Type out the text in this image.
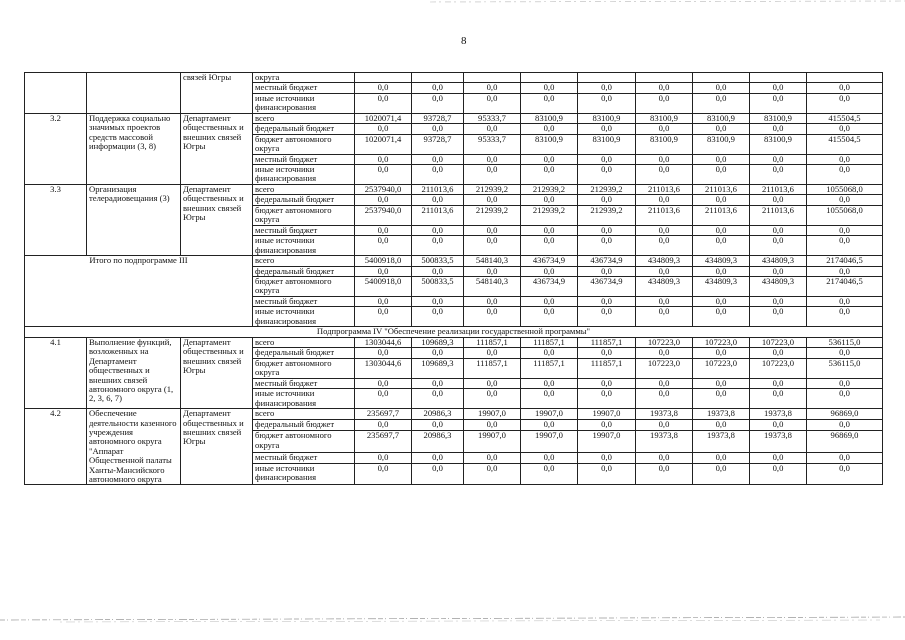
8
		связей Югры	округа									
			местный бюджет	0,0	0,0	0,0	0,0	0,0	0,0	0,0	0,0	0,0
			иные источники финансирования	0,0	0,0	0,0	0,0	0,0	0,0	0,0	0,0	0,0
3.2	Поддержка социально значимых проектов средств массовой информации (3, 8)	Департамент общественных и внешних связей Югры	всего	1020071,4	93728,7	95333,7	83100,9	83100,9	83100,9	83100,9	83100,9	415504,5
			федеральный бюджет	0,0	0,0	0,0	0,0	0,0	0,0	0,0	0,0	0,0
			бюджет автономного округа	1020071,4	93728,7	95333,7	83100,9	83100,9	83100,9	83100,9	83100,9	415504,5
			местный бюджет	0,0	0,0	0,0	0,0	0,0	0,0	0,0	0,0	0,0
			иные источники финансирования	0,0	0,0	0,0	0,0	0,0	0,0	0,0	0,0	0,0
3.3	Организация телерадиовещания (3)	Департамент общественных и внешних связей Югры	всего	2537940,0	211013,6	212939,2	212939,2	212939,2	211013,6	211013,6	211013,6	1055068,0
			федеральный бюджет	0,0	0,0	0,0	0,0	0,0	0,0	0,0	0,0	0,0
			бюджет автономного округа	2537940,0	211013,6	212939,2	212939,2	212939,2	211013,6	211013,6	211013,6	1055068,0
			местный бюджет	0,0	0,0	0,0	0,0	0,0	0,0	0,0	0,0	0,0
			иные источники финансирования	0,0	0,0	0,0	0,0	0,0	0,0	0,0	0,0	0,0
Итого по подпрограмме III			всего	5400918,0	500833,5	548140,3	436734,9	436734,9	434809,3	434809,3	434809,3	2174046,5
			федеральный бюджет	0,0	0,0	0,0	0,0	0,0	0,0	0,0	0,0	0,0
			бюджет автономного округа	5400918,0	500833,5	548140,3	436734,9	436734,9	434809,3	434809,3	434809,3	2174046,5
			местный бюджет	0,0	0,0	0,0	0,0	0,0	0,0	0,0	0,0	0,0
			иные источники финансирования	0,0	0,0	0,0	0,0	0,0	0,0	0,0	0,0	0,0
Подпрограмма IV "Обеспечение реализации государственной программы"												
4.1	Выполнение функций, возложенных на Департамент общественных и внешних связей автономного округа (1, 2, 3, 6, 7)	Департамент общественных и внешних связей Югры	всего	1303044,6	109689,3	111857,1	111857,1	111857,1	107223,0	107223,0	107223,0	536115,0
			федеральный бюджет	0,0	0,0	0,0	0,0	0,0	0,0	0,0	0,0	0,0
			бюджет автономного округа	1303044,6	109689,3	111857,1	111857,1	111857,1	107223,0	107223,0	107223,0	536115,0
			местный бюджет	0,0	0,0	0,0	0,0	0,0	0,0	0,0	0,0	0,0
			иные источники финансирования	0,0	0,0	0,0	0,0	0,0	0,0	0,0	0,0	0,0
4.2	Обеспечение деятельности казенного учреждения автономного округа "Аппарат Общественной палаты Ханты-Мансийского автономного округа	Департамент общественных и внешних связей Югры	всего	235697,7	20986,3	19907,0	19907,0	19907,0	19373,8	19373,8	19373,8	96869,0
			федеральный бюджет	0,0	0,0	0,0	0,0	0,0	0,0	0,0	0,0	0,0
			бюджет автономного округа	235697,7	20986,3	19907,0	19907,0	19907,0	19373,8	19373,8	19373,8	96869,0
			местный бюджет	0,0	0,0	0,0	0,0	0,0	0,0	0,0	0,0	0,0
			иные источники финансирования	0,0	0,0	0,0	0,0	0,0	0,0	0,0	0,0	0,0
